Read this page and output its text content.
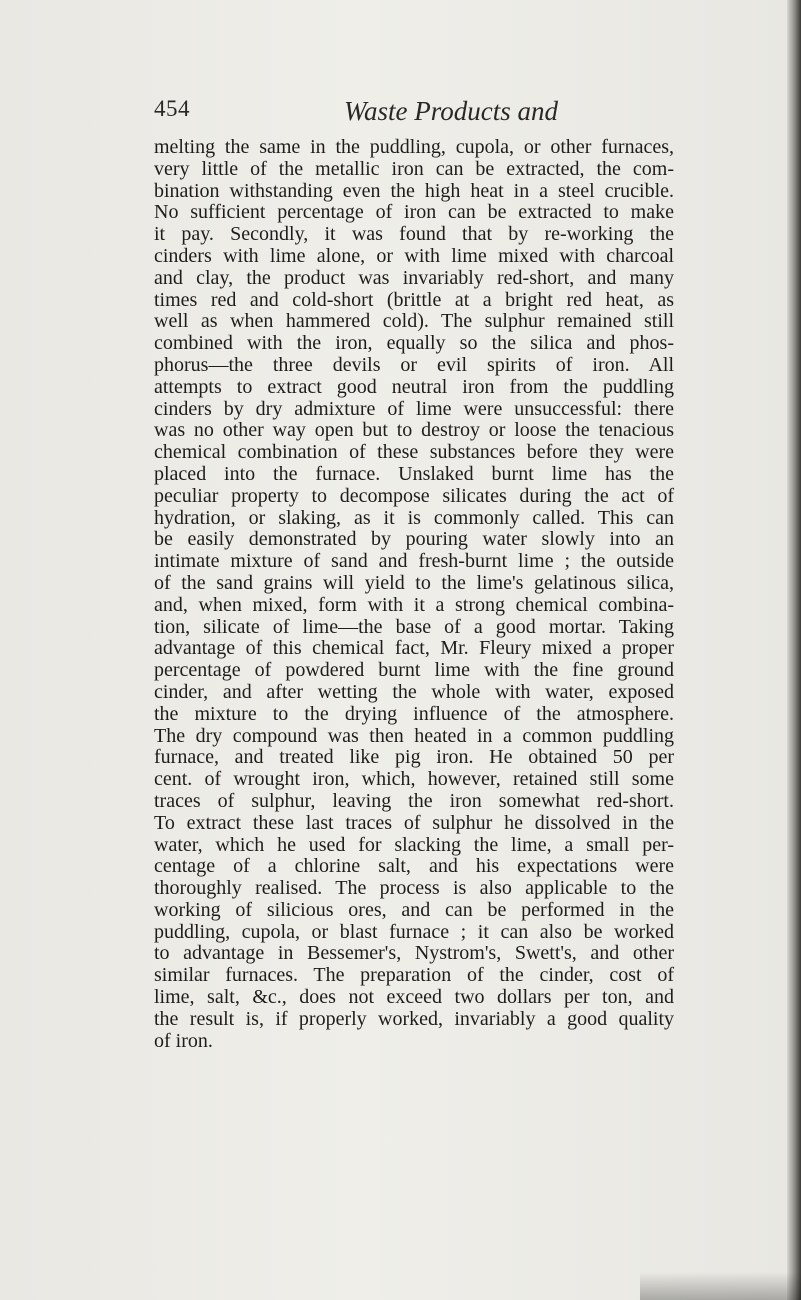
454	Waste Products and
melting the same in the puddling, cupola, or other furnaces,
very little of the metallic iron can be extracted, the com-
bination withstanding even the high heat in a steel crucible.
No sufficient percentage of iron can be extracted to make
it pay. Secondly, it was found that by re-working the
cinders with lime alone, or with lime mixed with charcoal
and clay, the product was invariably red-short, and many
times red and cold-short (brittle at a bright red heat, as
well as when hammered cold). The sulphur remained still
combined with the iron, equally so the silica and phos-
phorus—the three devils or evil spirits of iron. All
attempts to extract good neutral iron from the puddling
cinders by dry admixture of lime were unsuccessful: there
was no other way open but to destroy or loose the tenacious
chemical combination of these substances before they were
placed into the furnace. Unslaked burnt lime has the
peculiar property to decompose silicates during the act of
hydration, or slaking, as it is commonly called. This can
be easily demonstrated by pouring water slowly into an
intimate mixture of sand and fresh-burnt lime ; the outside
of the sand grains will yield to the lime's gelatinous silica,
and, when mixed, form with it a strong chemical combina-
tion, silicate of lime—the base of a good mortar. Taking
advantage of this chemical fact, Mr. Fleury mixed a proper
percentage of powdered burnt lime with the fine ground
cinder, and after wetting the whole with water, exposed
the mixture to the drying influence of the atmosphere.
The dry compound was then heated in a common puddling
furnace, and treated like pig iron. He obtained 50 per
cent. of wrought iron, which, however, retained still some
traces of sulphur, leaving the iron somewhat red-short.
To extract these last traces of sulphur he dissolved in the
water, which he used for slacking the lime, a small per-
centage of a chlorine salt, and his expectations were
thoroughly realised. The process is also applicable to the
working of silicious ores, and can be performed in the
puddling, cupola, or blast furnace ; it can also be worked
to advantage in Bessemer's, Nystrom's, Swett's, and other
similar furnaces. The preparation of the cinder, cost of
lime, salt, &c., does not exceed two dollars per ton, and
the result is, if properly worked, invariably a good quality
of iron.
